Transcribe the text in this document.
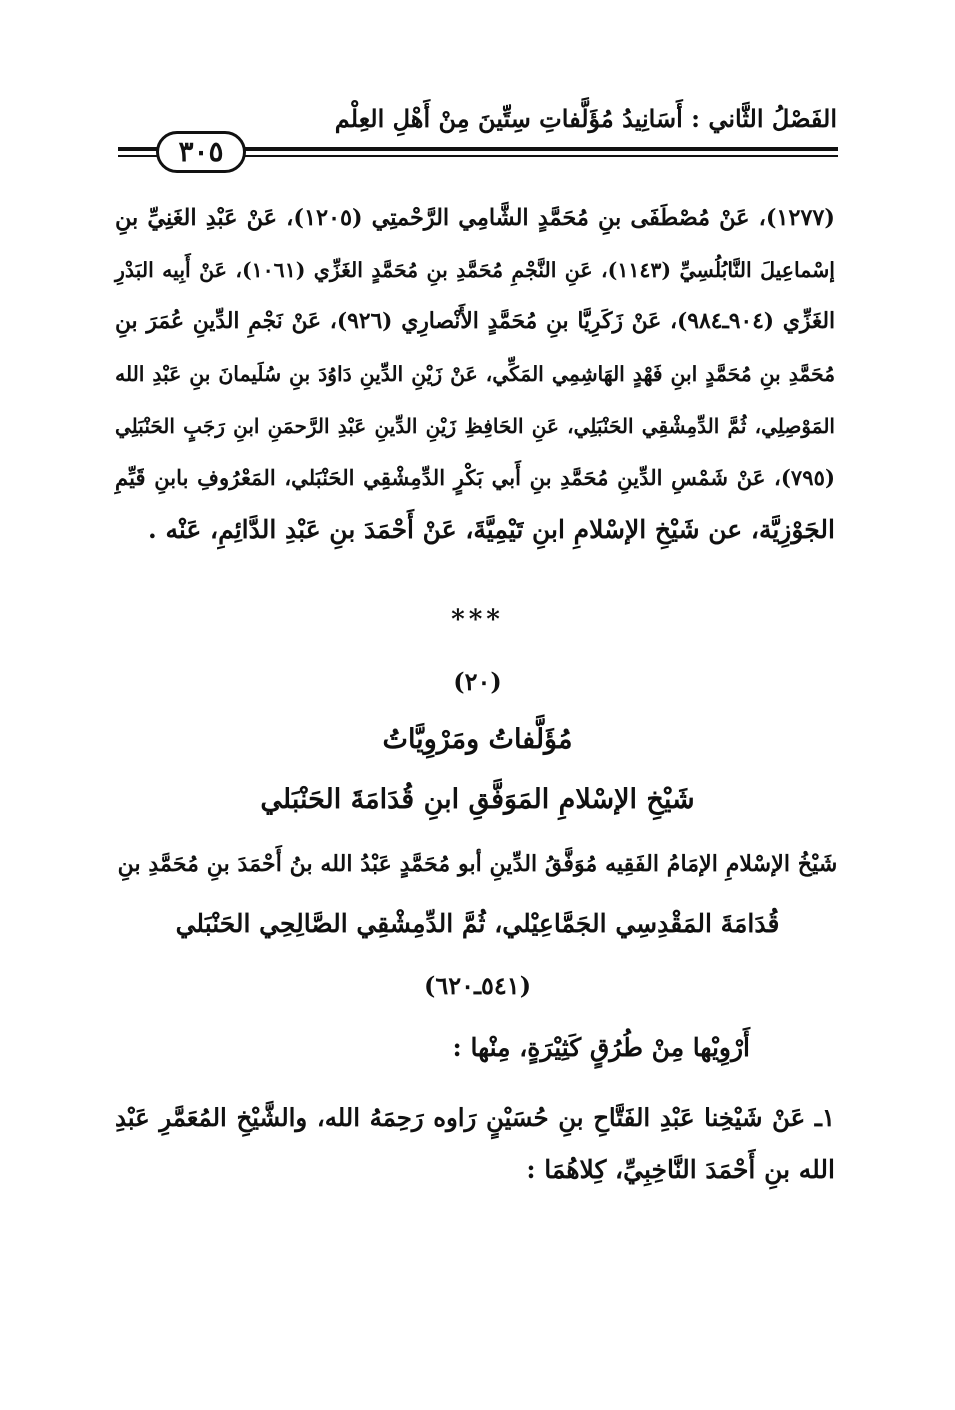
الفَصْلُ الثَّاني : أَسَانِيدُ مُؤَلَّفاتِ سِتِّينَ مِنْ أَهْلِ العِلْم
٣٠٥
(١٢٧٧)، عَنْ مُصْطَفَى بنِ مُحَمَّدٍ الشَّامِي الرَّحْمتِي (١٢٠٥)، عَنْ عَبْدِ الغَنِيِّ بنِ
إسْماعِيلَ النَّابُلُسِيِّ (١١٤٣)، عَنِ النَّجْمِ مُحَمَّدِ بنِ مُحَمَّدٍ الغَزِّي (١٠٦١)، عَنْ أَبِيه البَدْرِ
الغَزِّي (٩٠٤ـ٩٨٤)، عَنْ زَكَرِيَّا بنِ مُحَمَّدٍ الأَنْصارِي (٩٢٦)، عَنْ نَجْمِ الدِّينِ عُمَرَ بنِ
مُحَمَّدِ بنِ مُحَمَّدٍ ابنِ فَهْدٍ الهَاشِمِي المَكِّي، عَنْ زَيْنِ الدِّينِ دَاوُدَ بنِ سُلَيمانَ بنِ عَبْدِ الله
المَوْصِلِي، ثُمَّ الدِّمِشْقِي الحَنْبَلِي، عَنِ الحَافِظِ زَيْنِ الدِّينِ عَبْدِ الرَّحمَنِ ابنِ رَجَبٍ الحَنْبَلِي
(٧٩٥)، عَنْ شَمْسِ الدِّينِ مُحَمَّدِ بنِ أَبي بَكْرٍ الدِّمِشْقِي الحَنْبَلي، المَعْرُوفِ بابنِ قَيِّمِ
الجَوْزِيَّة، عن شَيْخِ الإسْلامِ ابنِ تَيْمِيَّةَ، عَنْ أَحْمَدَ بنِ عَبْدِ الدَّائِمِ، عَنْه .
***
(٢٠)
مُؤَلَّفاتُ ومَرْوِيَّاتُ
شَيْخِ الإسْلامِ المَوَفَّقِ ابنِ قُدَامَةَ الحَنْبَلي
شَيْخُ الإسْلامِ الإمَامُ الفَقِيه مُوَفَّقُ الدِّينِ أبو مُحَمَّدٍ عَبْدُ الله بنُ أَحْمَدَ بنِ مُحَمَّدِ بنِ
قُدَامَةَ المَقْدِسِي الجَمَّاعِيْلي، ثُمَّ الدِّمِشْقِي الصَّالِحِي الحَنْبَلي
(٥٤١ـ٦٢٠)
أَرْوِيْها مِنْ طُرُقٍ كَثِيْرَةٍ، مِنْها :
١ـ عَنْ شَيْخِنا عَبْدِ الفَتَّاحِ بنِ حُسَيْنٍ رَاوه رَحِمَهُ الله، والشَّيْخِ المُعَمَّرِ عَبْدِ
الله بنِ أَحْمَدَ النَّاخِبِيِّ، كِلاهُمَا :
